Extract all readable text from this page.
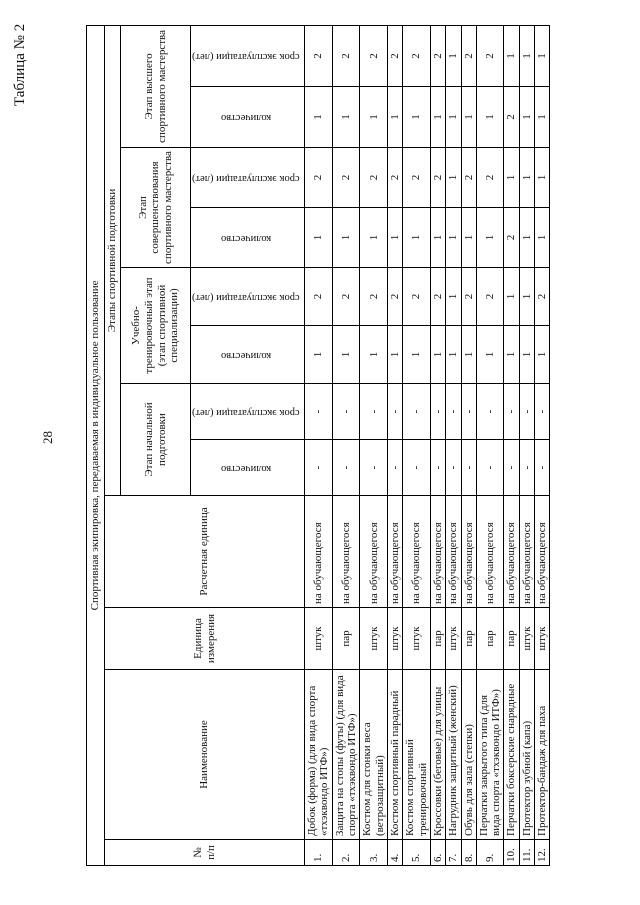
28
Таблица № 2
Спортивная экипировка, передаваемая в индивидуальное пользование											
№ п/п	Наименование	Единица измерения	Расчетная единица	Этапы спортивной подготовки							
				Этап начальной подготовки		Учебно-тренировочный этап (этап спортивной специализации)		Этап совершенствования спортивного мастерства		Этап высшего спортивного мастерства	
				количество	срок эксплуатации (лет)	количество	срок эксплуатации (лет)	количество	срок эксплуатации (лет)	количество	срок эксплуатации (лет)
1.	Добок (форма) (для вида спорта «тхэквондо ИТФ»)	штук	на обучающегося	-	-	1	2	1	2	1	2
2.	Защита на стопы (футы) (для вида спорта «тхэквондо ИТФ»)	пар	на обучающегося	-	-	1	2	1	2	1	2
3.	Костюм для сгонки веса (ветрозащитный)	штук	на обучающегося	-	-	1	2	1	2	1	2
4.	Костюм спортивный парадный	штук	на обучающегося	-	-	1	2	1	2	1	2
5.	Костюм спортивный тренировочный	штук	на обучающегося	-	-	1	2	1	2	1	2
6.	Кроссовки (беговые) для улицы	пар	на обучающегося	-	-	1	2	1	2	1	2
7.	Нагрудник защитный (женский)	штук	на обучающегося	-	-	1	1	1	1	1	1
8.	Обувь для зала (степки)	пар	на обучающегося	-	-	1	2	1	2	1	2
9.	Перчатки закрытого типа (для вида спорта «тхэквондо ИТФ»)	пар	на обучающегося	-	-	1	2	1	2	1	2
10.	Перчатки боксерские снарядные	пар	на обучающегося	-	-	1	1	2	1	2	1
11.	Протектор зубной (капа)	штук	на обучающегося	-	-	1	1	1	1	1	1
12.	Протектор-бандаж для паха	штук	на обучающегося	-	-	1	2	1	1	1	1
